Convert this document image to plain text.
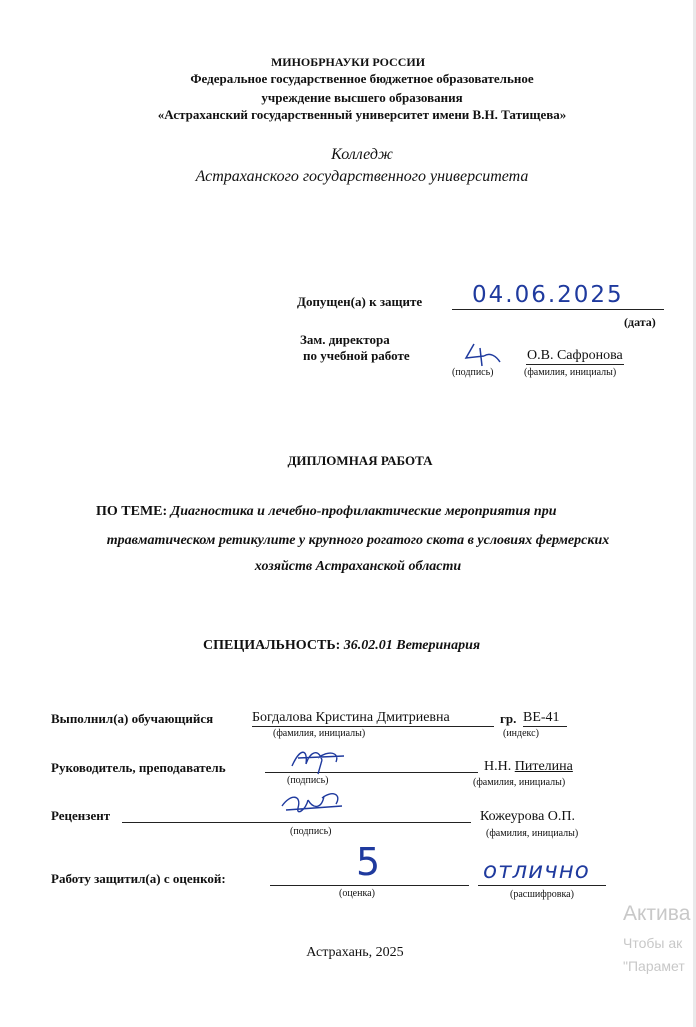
МИНОБРНАУКИ РОССИИ
Федеральное государственное бюджетное образовательное
учреждение высшего образования
«Астраханский государственный университет имени В.Н. Татищева»
Колледж
Астраханского государственного университета
Допущен(а) к защите 04.06.2025
(дата)
Зам. директора
по учебной работе
(подпись)
О.В. Сафронова
(фамилия, инициалы)
ДИПЛОМНАЯ РАБОТА
ПО ТЕМЕ: Диагностика и лечебно-профилактические мероприятия при
травматическом ретикулите у крупного рогатого скота в условиях фермерских
хозяйств Астраханской области
СПЕЦИАЛЬНОСТЬ: 36.02.01 Ветеринария
Выполнил(а) обучающийся	Богдалова Кристина Дмитриевна
(фамилия, инициалы)
гр. ВЕ-41
(индекс)
Руководитель, преподаватель
(подпись)
Н.Н. Пителина
(фамилия, инициалы)
Рецензент
(подпись)
Кожеурова О.П.
(фамилия, инициалы)
Работу защитил(а) с оценкой:	5
(оценка)
отлично
(расшифровка)
Астрахань, 2025
Актива
Чтобы ак
"Парамет
